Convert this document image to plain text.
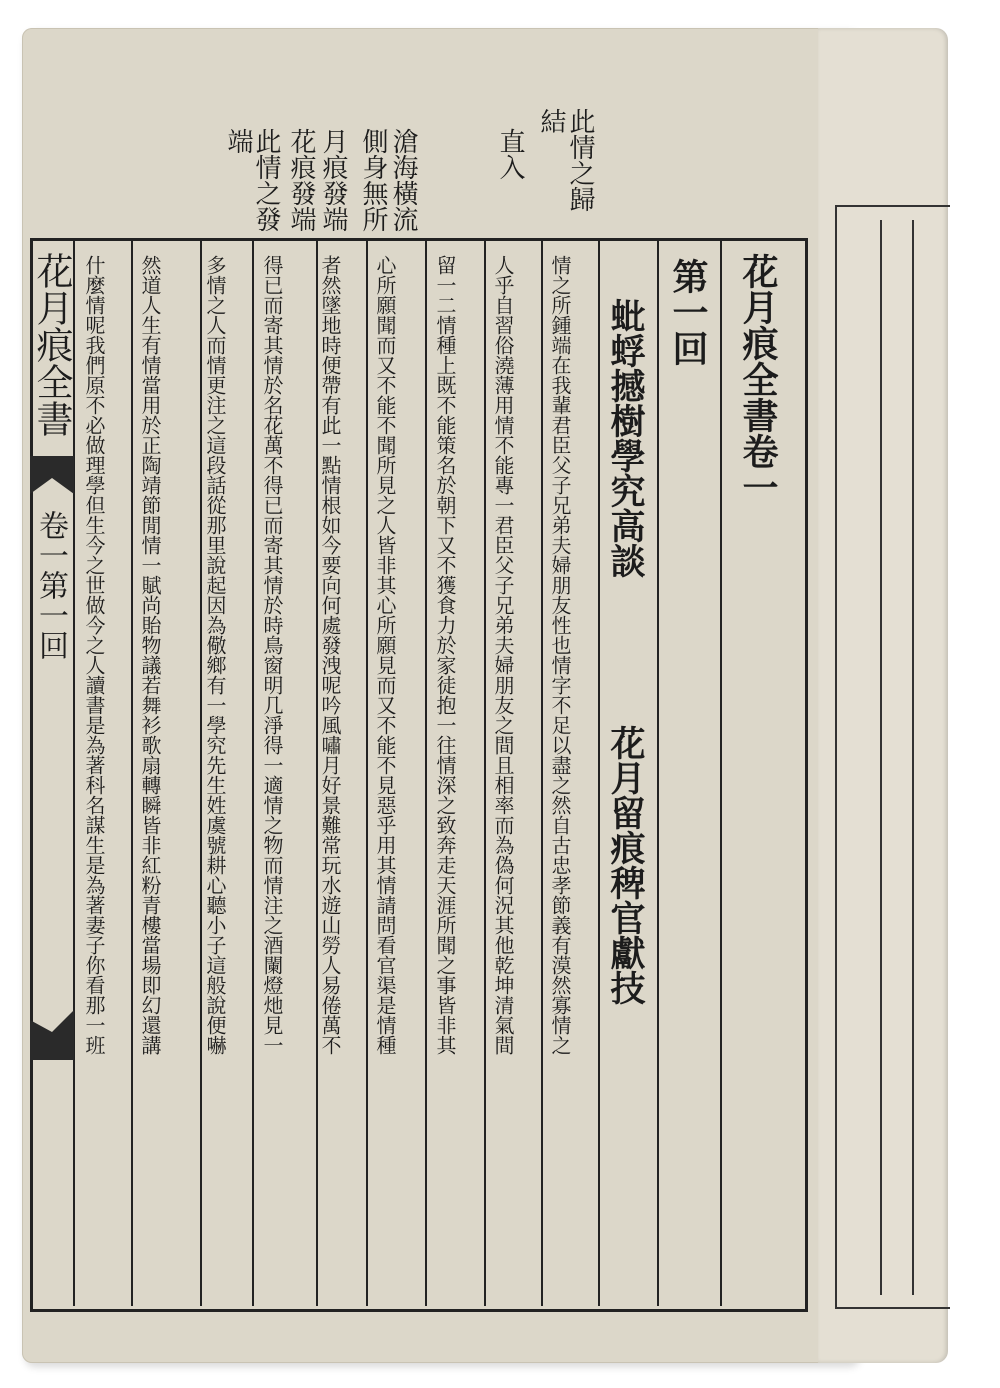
花月痕全書卷一
第一回
蚍蜉撼樹學究高談
花月留痕稗官獻技
此情之歸
結
直入
滄海橫流
側身無所
月痕發端
花痕發端
此情之發
端
情之所鍾端在我輩君臣父子兄弟夫婦朋友性也情字不足以盡之然自古忠孝節義有漠然寡情之
人乎自習俗澆薄用情不能專一君臣父子兄弟夫婦朋友之間且相率而為偽何況其他乾坤清氣間
留一二情種上既不能策名於朝下又不獲食力於家徒抱一往情深之致奔走天涯所聞之事皆非其
心所願聞而又不能不聞所見之人皆非其心所願見而又不能不見惡乎用其情請問看官渠是情種
者然墜地時便帶有此一點情根如今要向何處發洩呢吟風嘯月好景難常玩水遊山勞人易倦萬不
得已而寄其情於名花萬不得已而寄其情於時鳥窗明几淨得一適情之物而情注之酒闌燈灺見一
多情之人而情更注之這段話從那里說起因為儆鄉有一學究先生姓虞號耕心聽小子這般說便嚇
然道人生有情當用於正陶靖節閒情一賦尚貽物議若舞衫歌扇轉瞬皆非紅粉青樓當場即幻還講
什麼情呢我們原不必做理學但生今之世做今之人讀書是為著科名謀生是為著妻子你看那一班
花月痕全書
卷一第一回
